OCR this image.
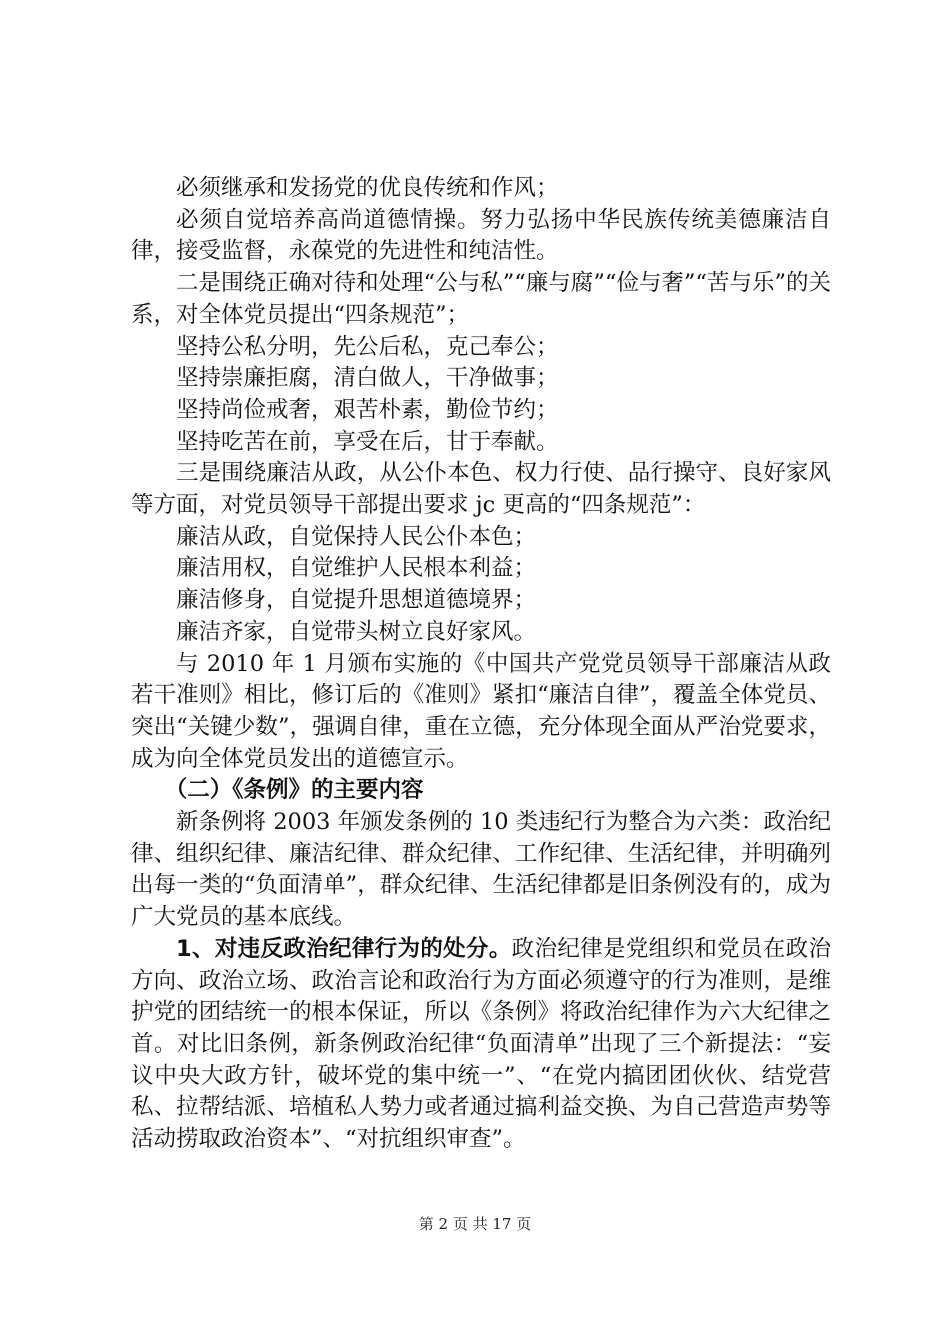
必须继承和发扬党的优良传统和作风；

必须自觉培养高尚道德情操。努力弘扬中华民族传统美德廉洁自律，接受监督，永葆党的先进性和纯洁性。

二是围绕正确对待和处理“公与私”“廉与腐”“俭与奢”“苦与乐”的关系，对全体党员提出“四条规范”；

坚持公私分明，先公后私，克己奉公；

坚持崇廉拒腐，清白做人，干净做事；

坚持尚俭戒奢，艰苦朴素，勤俭节约；

坚持吃苦在前，享受在后，甘于奉献。

三是围绕廉洁从政，从公仆本色、权力行使、品行操守、良好家风等方面，对党员领导干部提出要求 jc 更高的“四条规范”：

廉洁从政，自觉保持人民公仆本色；

廉洁用权，自觉维护人民根本利益；

廉洁修身，自觉提升思想道德境界；

廉洁齐家，自觉带头树立良好家风。

与 2010 年 1 月颁布实施的《中国共产党党员领导干部廉洁从政若干准则》相比，修订后的《准则》紧扣“廉洁自律”，覆盖全体党员、突出“关键少数”，强调自律，重在立德，充分体现全面从严治党要求，成为向全体党员发出的道德宣示。

（二）《条例》的主要内容

新条例将 2003 年颁发条例的 10 类违纪行为整合为六类：政治纪律、组织纪律、廉洁纪律、群众纪律、工作纪律、生活纪律，并明确列出每一类的“负面清单”，群众纪律、生活纪律都是旧条例没有的，成为广大党员的基本底线。

1、对违反政治纪律行为的处分。政治纪律是党组织和党员在政治方向、政治立场、政治言论和政治行为方面必须遵守的行为准则，是维护党的团结统一的根本保证，所以《条例》将政治纪律作为六大纪律之首。对比旧条例，新条例政治纪律“负面清单”出现了三个新提法：“妄议中央大政方针，破坏党的集中统一”、“在党内搞团团伙伙、结党营私、拉帮结派、培植私人势力或者通过搞利益交换、为自己营造声势等活动捞取政治资本”、“对抗组织审查”。

第 2 页 共 17 页
